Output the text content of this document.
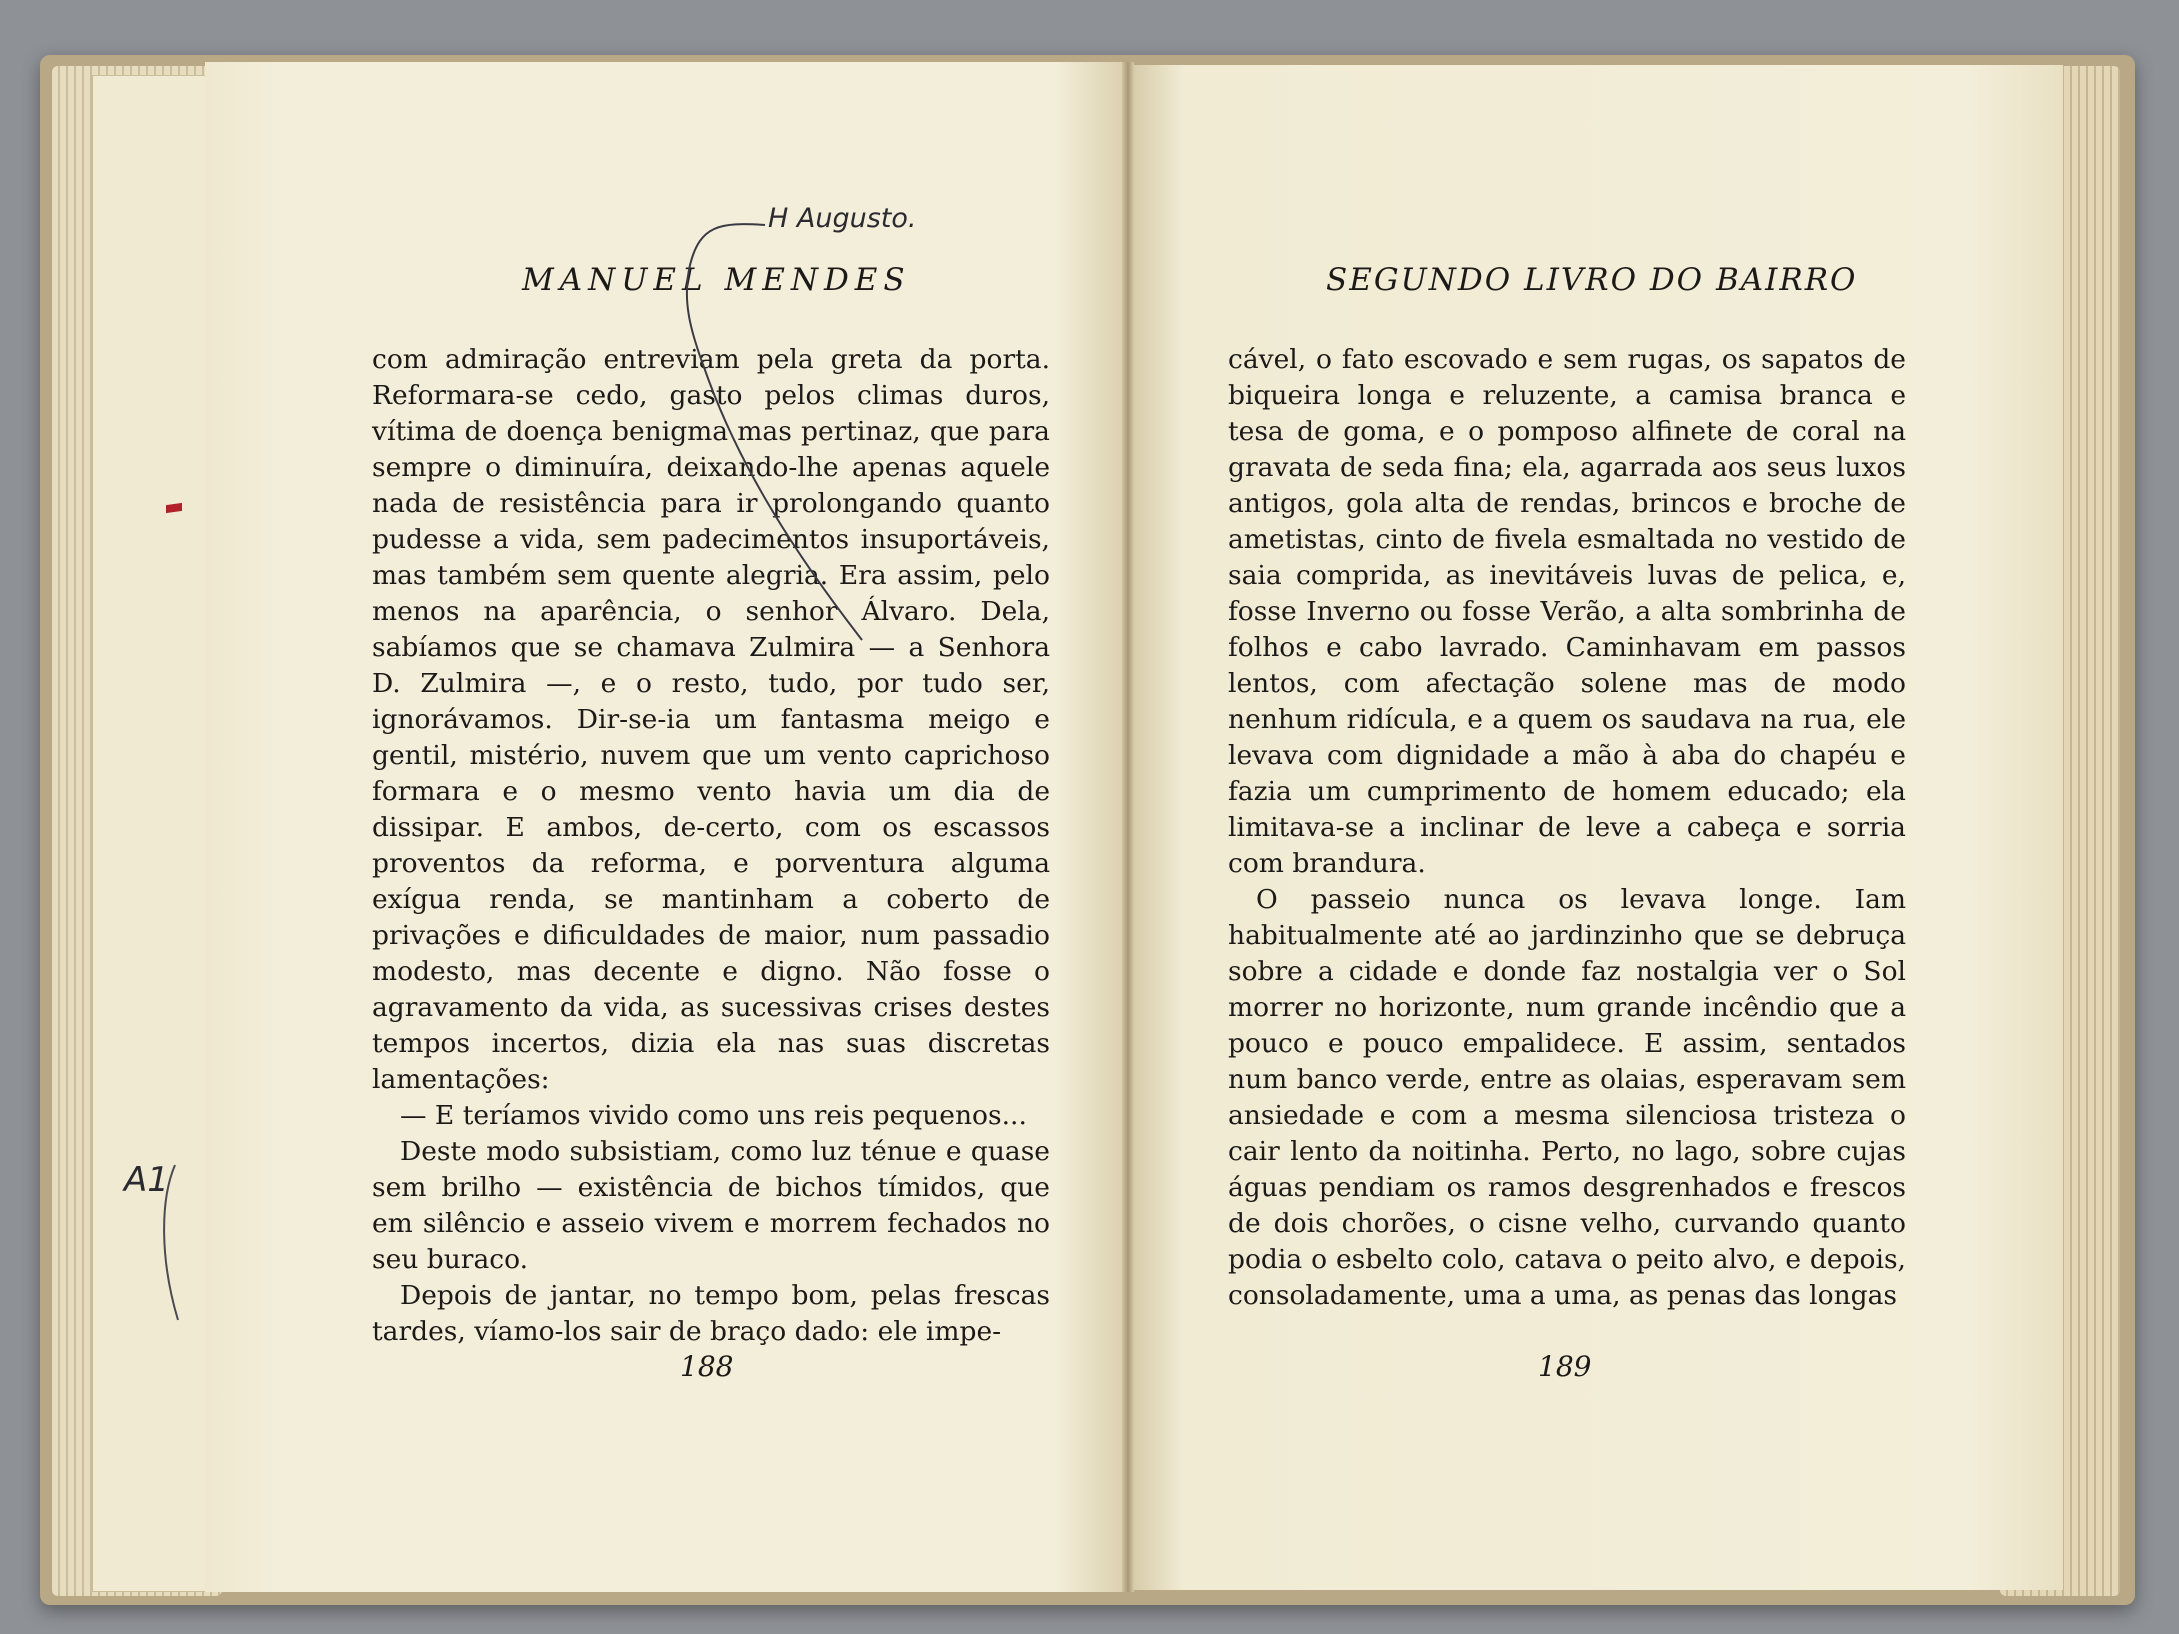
MANUEL MENDES

com admiração entreviam pela greta da porta. Reformara-se cedo, gasto pelos climas duros, vítima de doença benigma mas pertinaz, que para sempre o diminuíra, deixando-lhe apenas aquele nada de resistência para ir prolongando quanto pudesse a vida, sem padecimentos insuportáveis, mas também sem quente alegria. Era assim, pelo menos na aparência, o senhor Álvaro. Dela, sabíamos que se chamava Zulmira — a Senhora D. Zulmira —, e o resto, tudo, por tudo ser, ignorávamos. Dir-se-ia um fantasma meigo e gentil, mistério, nuvem que um vento caprichoso formara e o mesmo vento havia um dia de dissipar. E ambos, de-certo, com os escassos proventos da reforma, e porventura alguma exígua renda, se mantinham a coberto de privações e dificuldades de maior, num passadio modesto, mas decente e digno. Não fosse o agravamento da vida, as sucessivas crises destes tempos incertos, dizia ela nas suas discretas lamentações:

— E teríamos vivido como uns reis pequenos...

Deste modo subsistiam, como luz ténue e quase sem brilho — existência de bichos tímidos, que em silêncio e asseio vivem e morrem fechados no seu buraco.

Depois de jantar, no tempo bom, pelas frescas tardes, víamo-los sair de braço dado: ele impe-

188
SEGUNDO LIVRO DO BAIRRO

cável, o fato escovado e sem rugas, os sapatos de biqueira longa e reluzente, a camisa branca e tesa de goma, e o pomposo alfinete de coral na gravata de seda fina; ela, agarrada aos seus luxos antigos, gola alta de rendas, brincos e broche de ametistas, cinto de fivela esmaltada no vestido de saia comprida, as inevitáveis luvas de pelica, e, fosse Inverno ou fosse Verão, a alta sombrinha de folhos e cabo lavrado. Caminhavam em passos lentos, com afectação solene mas de modo nenhum ridícula, e a quem os saudava na rua, ele levava com dignidade a mão à aba do chapéu e fazia um cumprimento de homem educado; ela limitava-se a inclinar de leve a cabeça e sorria com brandura.

O passeio nunca os levava longe. Iam habitualmente até ao jardinzinho que se debruça sobre a cidade e donde faz nostalgia ver o Sol morrer no horizonte, num grande incêndio que a pouco e pouco empalidece. E assim, sentados num banco verde, entre as olaias, esperavam sem ansiedade e com a mesma silenciosa tristeza o cair lento da noitinha. Perto, no lago, sobre cujas águas pendiam os ramos desgrenhados e frescos de dois chorões, o cisne velho, curvando quanto podia o esbelto colo, catava o peito alvo, e depois, consoladamente, uma a uma, as penas das longas

189
H Augusto.
A1
